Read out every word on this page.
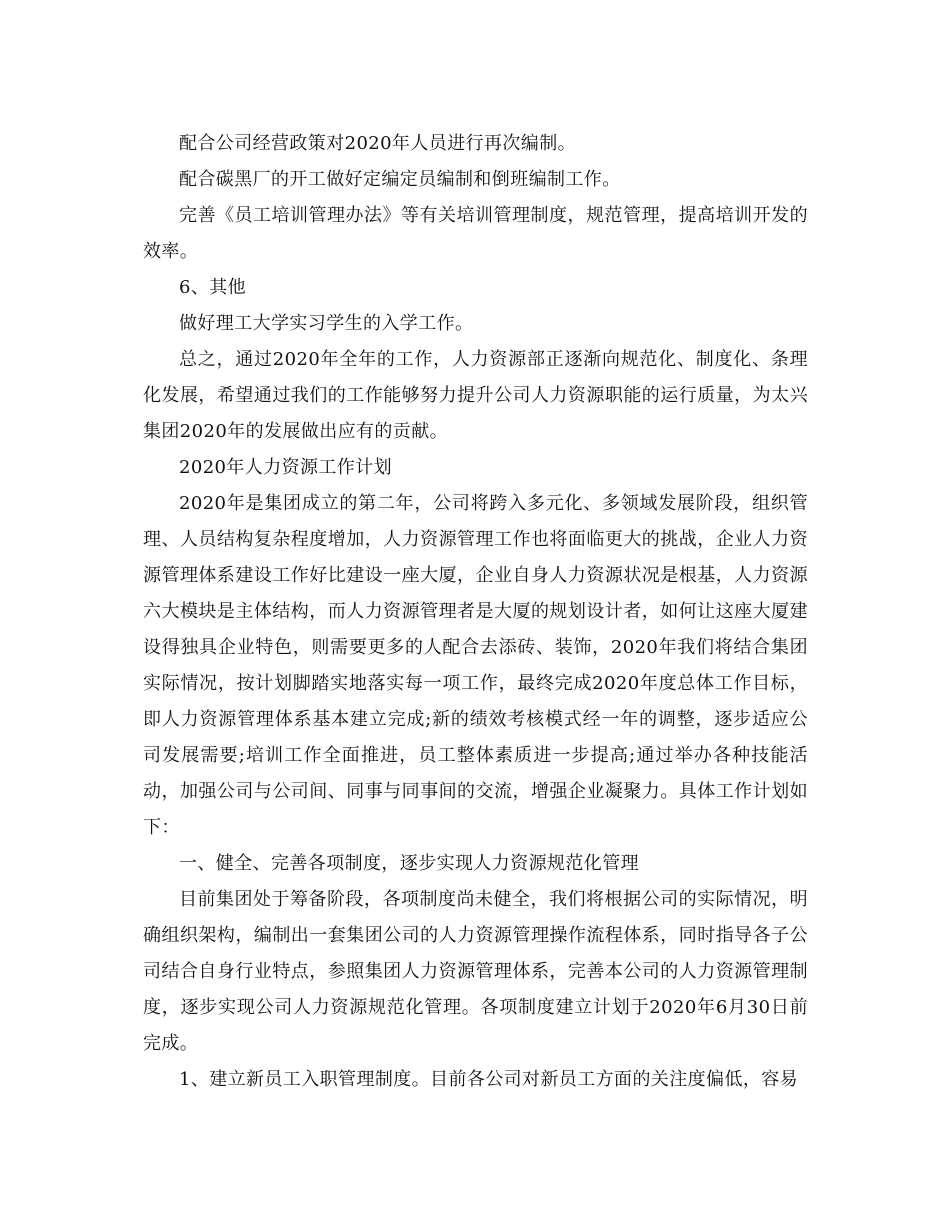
配合公司经营政策对2020年人员进行再次编制。

配合碳黑厂的开工做好定编定员编制和倒班编制工作。

完善《员工培训管理办法》等有关培训管理制度，规范管理，提高培训开发的效率。

6、其他

做好理工大学实习学生的入学工作。

总之，通过2020年全年的工作，人力资源部正逐渐向规范化、制度化、条理化发展，希望通过我们的工作能够努力提升公司人力资源职能的运行质量，为太兴集团2020年的发展做出应有的贡献。

2020年人力资源工作计划

2020年是集团成立的第二年，公司将跨入多元化、多领域发展阶段，组织管理、人员结构复杂程度增加，人力资源管理工作也将面临更大的挑战，企业人力资源管理体系建设工作好比建设一座大厦，企业自身人力资源状况是根基，人力资源六大模块是主体结构，而人力资源管理者是大厦的规划设计者，如何让这座大厦建设得独具企业特色，则需要更多的人配合去添砖、装饰，2020年我们将结合集团实际情况，按计划脚踏实地落实每一项工作，最终完成2020年度总体工作目标，即人力资源管理体系基本建立完成;新的绩效考核模式经一年的调整，逐步适应公司发展需要;培训工作全面推进，员工整体素质进一步提高;通过举办各种技能活动，加强公司与公司间、同事与同事间的交流，增强企业凝聚力。具体工作计划如下：

一、健全、完善各项制度，逐步实现人力资源规范化管理

目前集团处于筹备阶段，各项制度尚未健全，我们将根据公司的实际情况，明确组织架构，编制出一套集团公司的人力资源管理操作流程体系，同时指导各子公司结合自身行业特点，参照集团人力资源管理体系，完善本公司的人力资源管理制度，逐步实现公司人力资源规范化管理。各项制度建立计划于2020年6月30日前完成。

1、建立新员工入职管理制度。目前各公司对新员工方面的关注度偏低，容易
